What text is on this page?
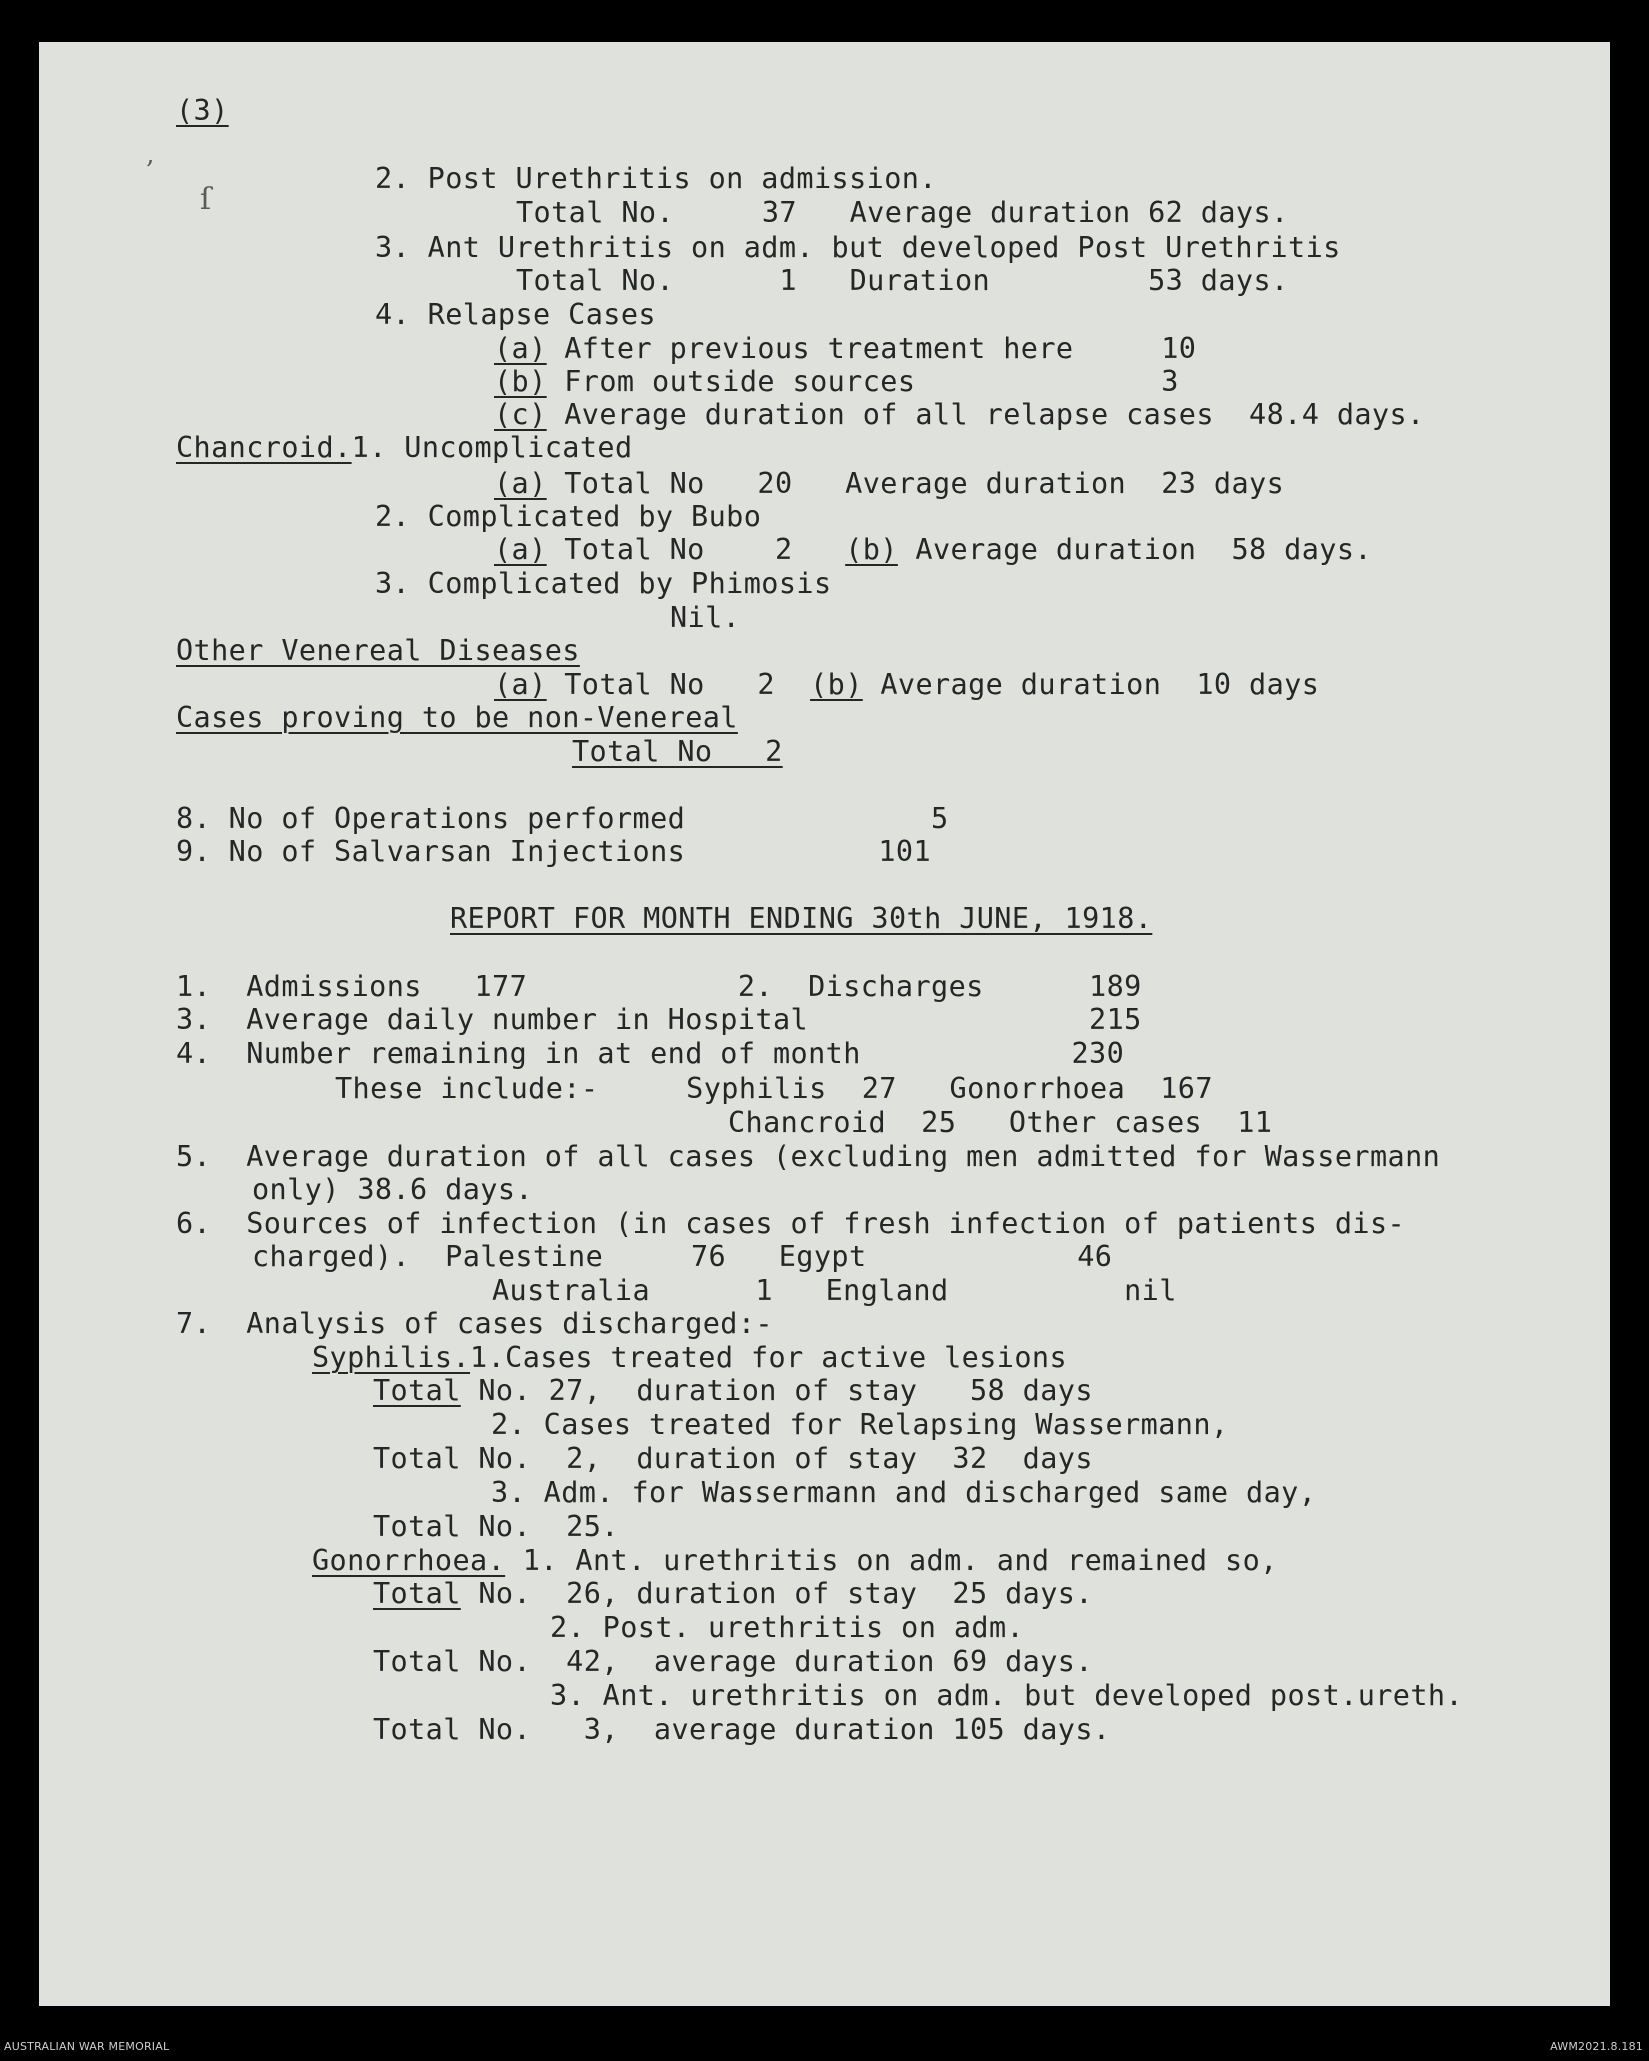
‚
ſ
(3)
2. Post Urethritis on admission.
Total No.     37   Average duration 62 days.
3. Ant Urethritis on adm. but developed Post Urethritis
Total No.      1   Duration         53 days.
4. Relapse Cases
(a) After previous treatment here     10
(b) From outside sources              3
(c) Average duration of all relapse cases  48.4 days.
Chancroid.1. Uncomplicated
(a) Total No   20   Average duration  23 days
2. Complicated by Bubo
(a) Total No    2   (b) Average duration  58 days.
3. Complicated by Phimosis
Nil.
Other Venereal Diseases
(a) Total No   2  (b) Average duration  10 days
Cases proving to be non-Venereal
Total No   2
8. No of Operations performed              5
9. No of Salvarsan Injections           101
REPORT FOR MONTH ENDING 30th JUNE, 1918.
1.  Admissions   177            2.  Discharges      189
3.  Average daily number in Hospital                215
4.  Number remaining in at end of month            230
These include:-     Syphilis  27   Gonorrhoea  167
Chancroid  25   Other cases  11
5.  Average duration of all cases (excluding men admitted for Wassermann
only) 38.6 days.
6.  Sources of infection (in cases of fresh infection of patients dis-
charged).  Palestine     76   Egypt            46
Australia      1   England          nil
7.  Analysis of cases discharged:-
Syphilis.1.Cases treated for active lesions
Total No. 27,  duration of stay   58 days
2. Cases treated for Relapsing Wassermann,
Total No.  2,  duration of stay  32  days
3. Adm. for Wassermann and discharged same day,
Total No.  25.
Gonorrhoea. 1. Ant. urethritis on adm. and remained so,
Total No.  26, duration of stay  25 days.
2. Post. urethritis on adm.
Total No.  42,  average duration 69 days.
3. Ant. urethritis on adm. but developed post.ureth.
Total No.   3,  average duration 105 days.
AUSTRALIAN WAR MEMORIAL	AWM2021.8.181
